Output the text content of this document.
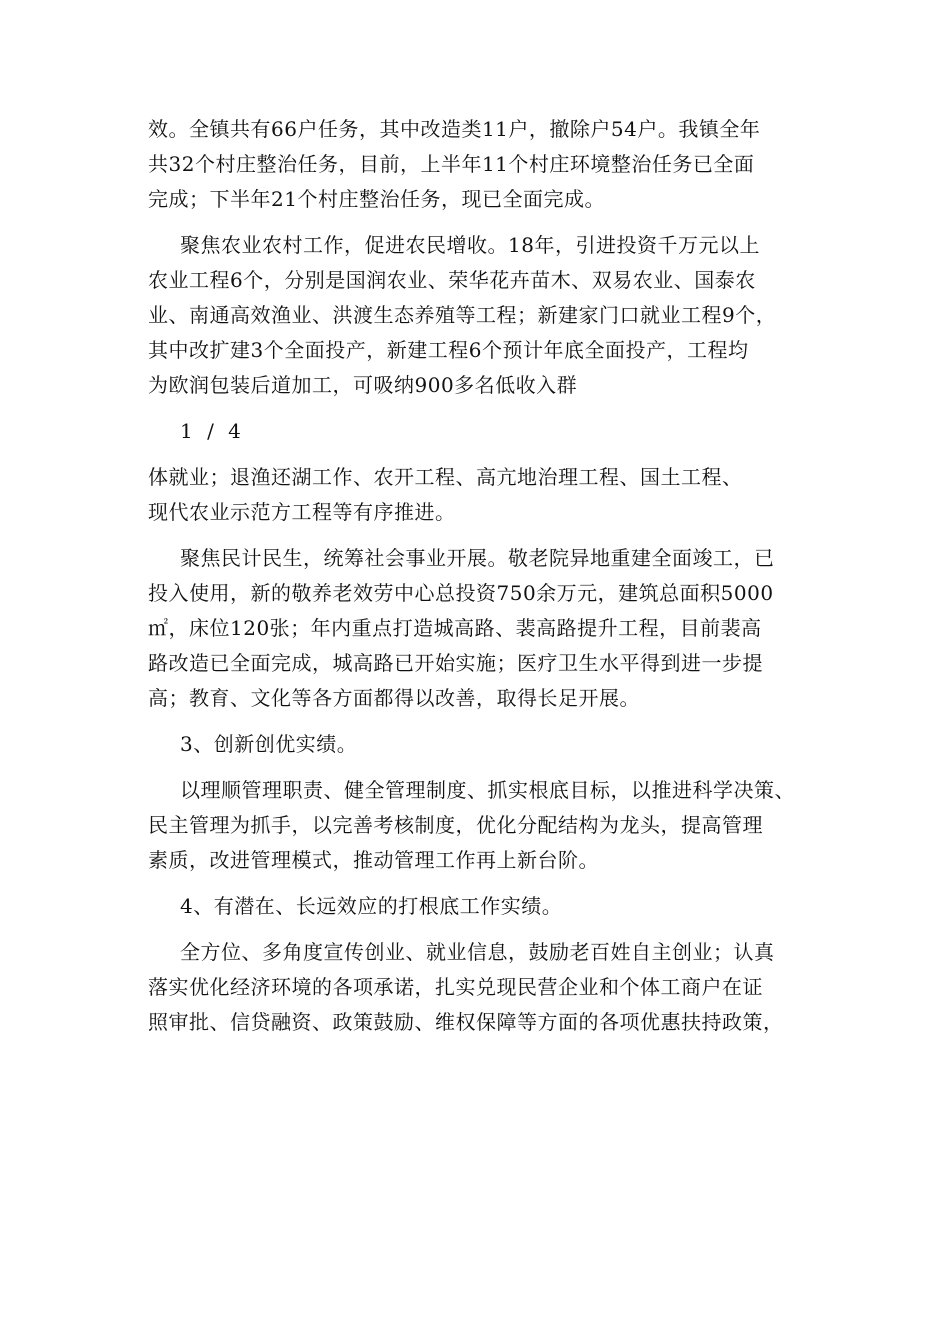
效。全镇共有66户任务，其中改造类11户，撤除户54户。我镇全年
共32个村庄整治任务，目前，上半年11个村庄环境整治任务已全面
完成；下半年21个村庄整治任务，现已全面完成。

聚焦农业农村工作，促进农民增收。18年，引进投资千万元以上
农业工程6个，分别是国润农业、荣华花卉苗木、双易农业、国泰农
业、南通高效渔业、洪渡生态养殖等工程；新建家门口就业工程9个，
其中改扩建3个全面投产，新建工程6个预计年底全面投产，工程均
为欧润包装后道加工，可吸纳900多名低收入群

1 / 4

体就业；退渔还湖工作、农开工程、高亢地治理工程、国土工程、
现代农业示范方工程等有序推进。

聚焦民计民生，统筹社会事业开展。敬老院异地重建全面竣工，已
投入使用，新的敬养老效劳中心总投资750余万元，建筑总面积5000
㎡，床位120张；年内重点打造城高路、裴高路提升工程，目前裴高
路改造已全面完成，城高路已开始实施；医疗卫生水平得到进一步提
高；教育、文化等各方面都得以改善，取得长足开展。

3、创新创优实绩。

以理顺管理职责、健全管理制度、抓实根底目标，以推进科学决策、
民主管理为抓手，以完善考核制度，优化分配结构为龙头，提高管理
素质，改进管理模式，推动管理工作再上新台阶。

4、有潜在、长远效应的打根底工作实绩。

全方位、多角度宣传创业、就业信息，鼓励老百姓自主创业；认真
落实优化经济环境的各项承诺，扎实兑现民营企业和个体工商户在证
照审批、信贷融资、政策鼓励、维权保障等方面的各项优惠扶持政策，
